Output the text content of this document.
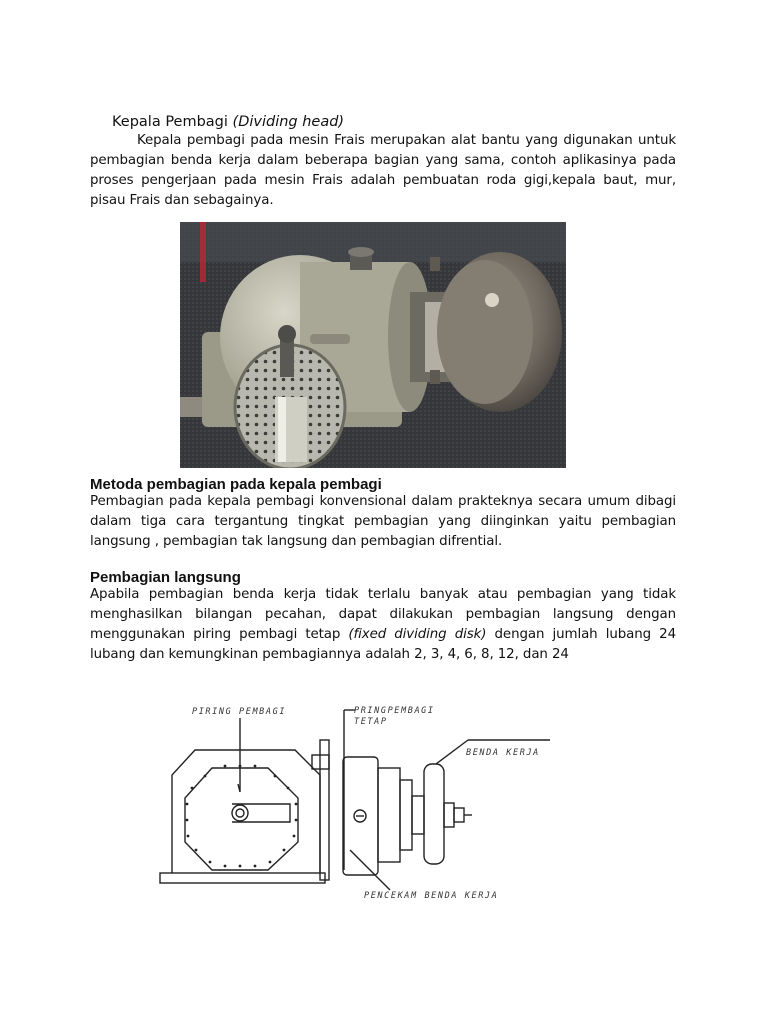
Kepala Pembagi (Dividing head)

Kepala pembagi pada mesin Frais merupakan alat bantu yang digunakan untuk pembagian benda kerja dalam beberapa bagian yang sama, contoh aplikasinya pada proses pengerjaan pada mesin Frais adalah pembuatan roda gigi,kepala baut, mur, pisau Frais dan sebagainya.

Metoda pembagian pada kepala pembagi

Pembagian pada kepala pembagi konvensional dalam prakteknya secara umum dibagi dalam tiga cara tergantung tingkat pembagian yang diinginkan yaitu pembagian langsung , pembagian tak langsung dan pembagian difrential.

Pembagian langsung

Apabila pembagian benda kerja tidak terlalu banyak atau pembagian yang tidak menghasilkan bilangan pecahan, dapat dilakukan pembagian langsung dengan menggunakan piring pembagi tetap (fixed dividing disk) dengan jumlah lubang 24 lubang dan kemungkinan pembagiannya adalah 2, 3, 4, 6, 8, 12, dan 24

PIRING PEMBAGI	PRINGPEMBAGI
TETAP
BENDA KERJA
PENCEKAM BENDA KERJA
